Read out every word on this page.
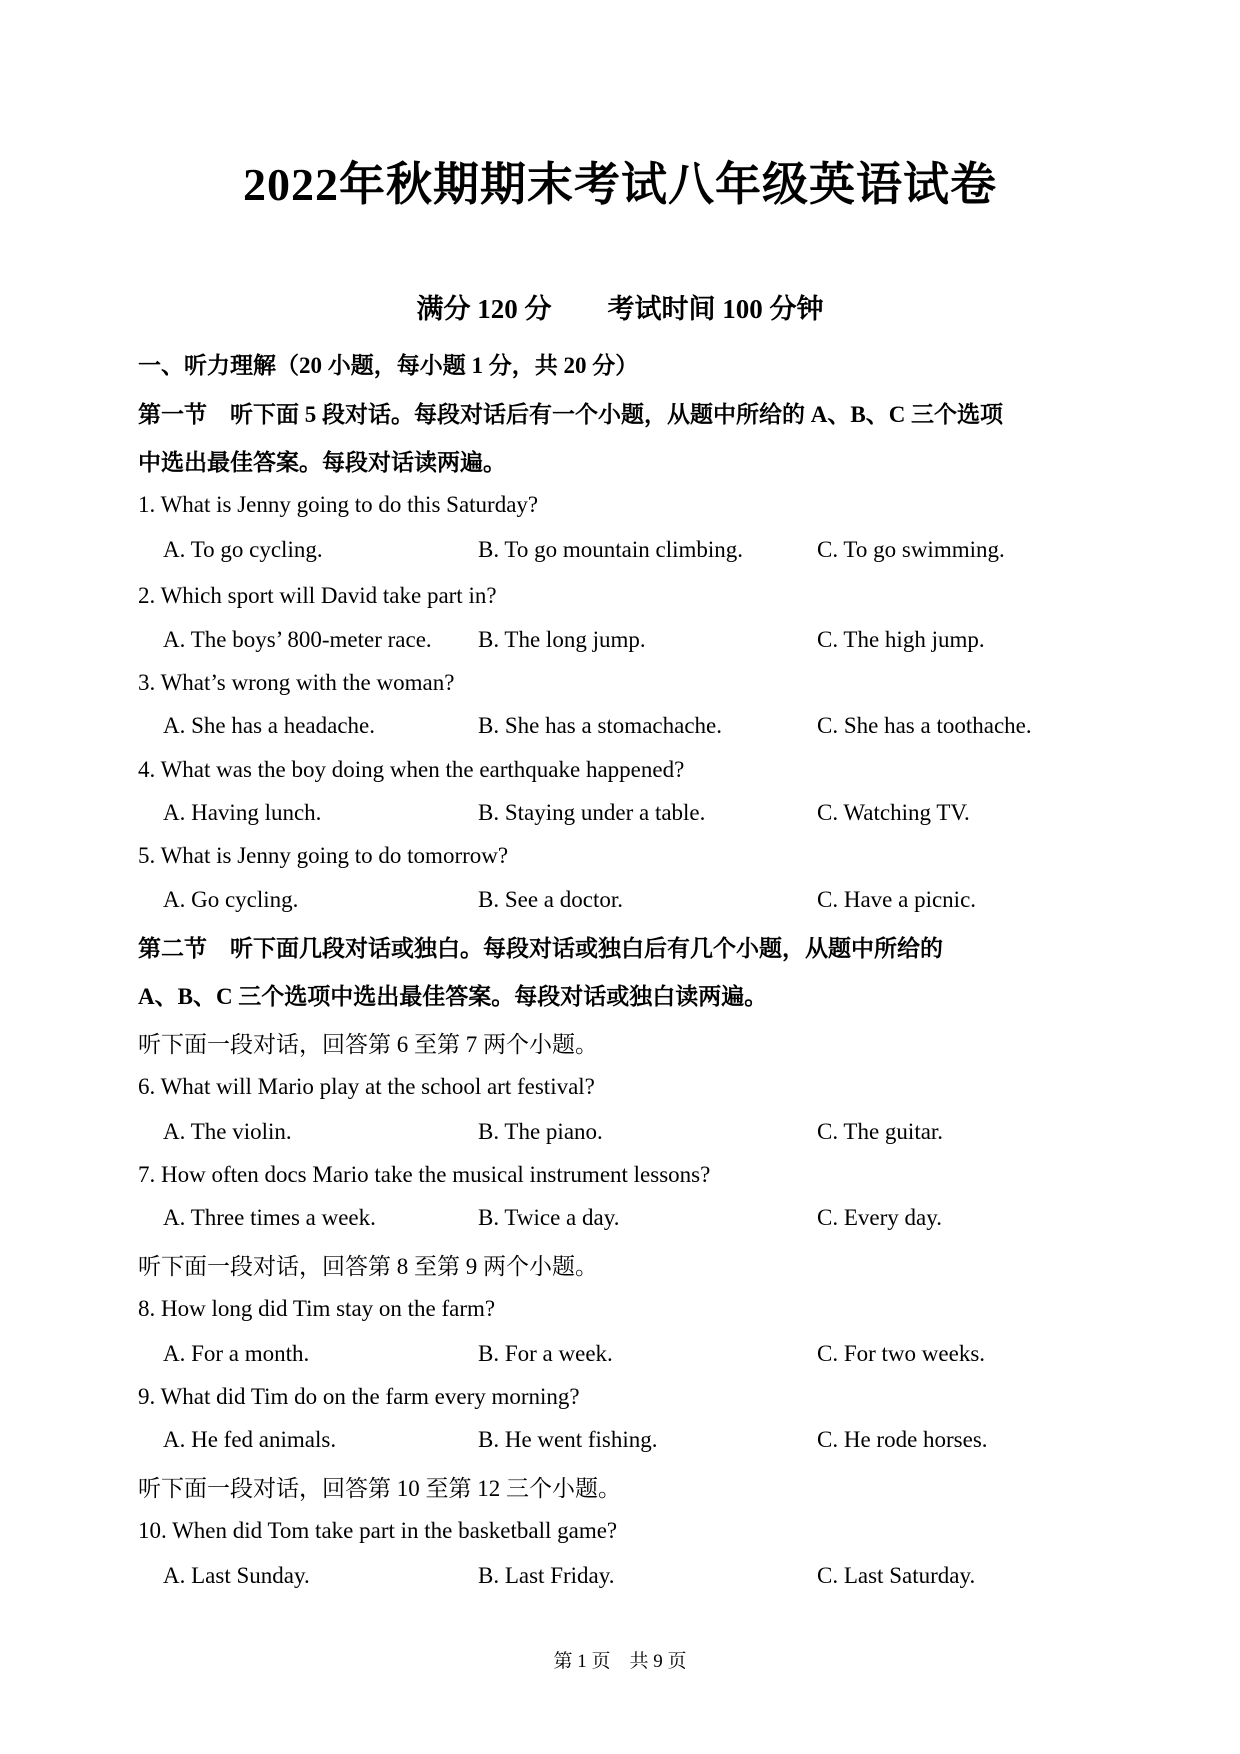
2022年秋期期末考试八年级英语试卷
满分 120 分 考试时间 100 分钟
一、听力理解（20 小题，每小题 1 分，共 20 分）
第一节　听下面 5 段对话。每段对话后有一个小题，从题中所给的 A、B、C 三个选项
中选出最佳答案。每段对话读两遍。
1. What is Jenny going to do this Saturday?
A. To go cycling.	B. To go mountain climbing.	C. To go swimming.
2. Which sport will David take part in?
A. The boys’ 800-meter race. B. The long jump.	C. The high jump.
3. What’s wrong with the woman?
A. She has a headache.	B. She has a stomachache.	C. She has a toothache.
4. What was the boy doing when the earthquake happened?
A. Having lunch.	B. Staying under a table.	C. Watching TV.
5. What is Jenny going to do tomorrow?
A. Go cycling.	B. See a doctor.	C. Have a picnic.
第二节　听下面几段对话或独白。每段对话或独白后有几个小题，从题中所给的
A、B、C 三个选项中选出最佳答案。每段对话或独白读两遍。
听下面一段对话，回答第 6 至第 7 两个小题。
6. What will Mario play at the school art festival?
A. The violin.	B. The piano.	C. The guitar.
7. How often docs Mario take the musical instrument lessons?
A. Three times a week.	B. Twice a day.	C. Every day.
听下面一段对话，回答第 8 至第 9 两个小题。
8. How long did Tim stay on the farm?
A. For a month.	B. For a week.	C. For two weeks.
9. What did Tim do on the farm every morning?
A. He fed animals.	B. He went fishing.	C. He rode horses.
听下面一段对话，回答第 10 至第 12 三个小题。
10. When did Tom take part in the basketball game?
A. Last Sunday.	B. Last Friday.	C. Last Saturday.
第 1 页　共 9 页
